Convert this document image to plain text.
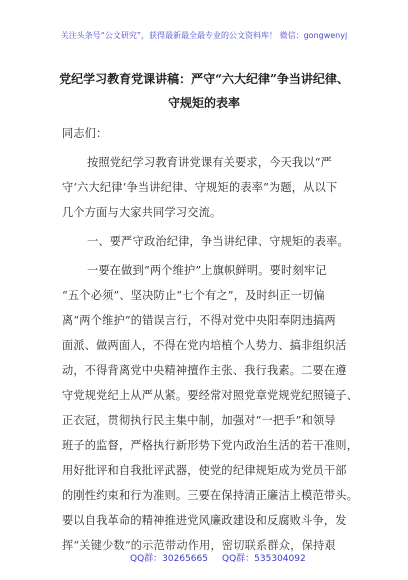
关注头条号“公文研究”，获得最新最全最专业的公文资料库！ 微信：gongwenyj
党纪学习教育党课讲稿：严守“六大纪律”争当讲纪律、
守规矩的表率
同志们：
按照党纪学习教育讲党课有关要求，今天我以“严
守‘六大纪律’争当讲纪律、守规矩的表率”为题，从以下
几个方面与大家共同学习交流。
一、要严守政治纪律，争当讲纪律、守规矩的表率。
一要在做到“两个维护”上旗帜鲜明。要时刻牢记
“五个必须”、坚决防止“七个有之”，及时纠正一切偏
离“两个维护”的错误言行，不得对党中央阳奉阴违搞两
面派、做两面人，不得在党内培植个人势力、搞非组织活
动，不得背离党中央精神擅作主张、我行我素。二要在遵
守党规党纪上从严从紧。要经常对照党章党规党纪照镜子、
正衣冠，贯彻执行民主集中制，加强对“一把手”和领导
班子的监督，严格执行新形势下党内政治生活的若干准则，
用好批评和自我批评武器，使党的纪律规矩成为党员干部
的刚性约束和行为准则。三要在保持清正廉洁上模范带头。
要以自我革命的精神推进党风廉政建设和反腐败斗争，发
挥“关键少数”的示范带动作用，密切联系群众，保持艰
QQ群：30265665 QQ群：535304092
